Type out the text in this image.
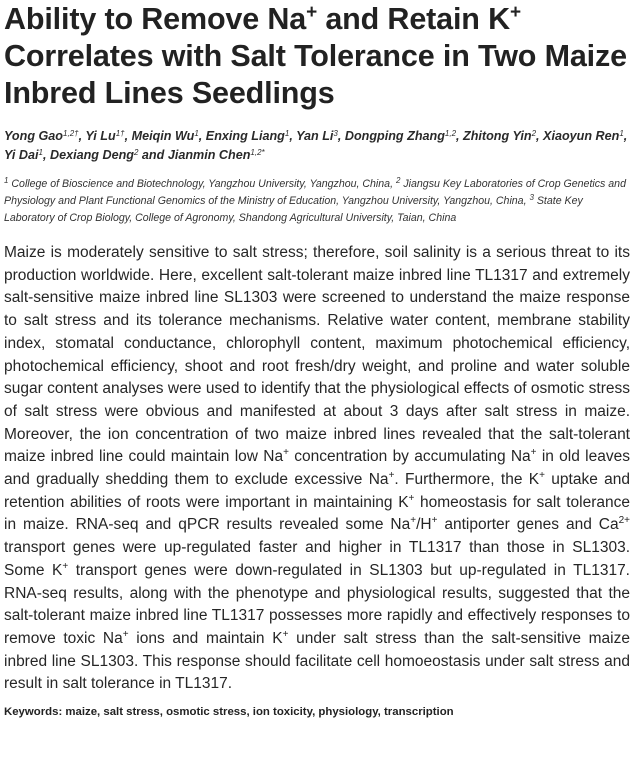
Ability to Remove Na+ and Retain K+ Correlates with Salt Tolerance in Two Maize Inbred Lines Seedlings
Yong Gao$^{1,2\dagger}$, Yi $Lu^{1\dagger}$, Meiqin Wu$^1$, Enxing Liang$^1$, Yan Li$^3$, Dongping Zhang$^{1,2}$, Zhitong Yin$^2$, Xiaoyun Ren$^1$, Yi Dai$^1$, Dexiang Deng$^2$ and Jianmin Chen$^{1,2*}$
$^1$ College of Bioscience and Biotechnology, Yangzhou University, Yangzhou, China, $^2$ Jiangsu Key Laboratories of Crop Genetics and Physiology and Plant Functional Genomics of the Ministry of Education, Yangzhou University, Yangzhou, China, $^3$ State Key Laboratory of Crop Biology, College of Agronomy, Shandong Agricultural University, Taian, China
Maize is moderately sensitive to salt stress; therefore, soil salinity is a serious threat to its production worldwide. Here, excellent salt-tolerant maize inbred line TL1317 and extremely salt-sensitive maize inbred line SL1303 were screened to understand the maize response to salt stress and its tolerance mechanisms. Relative water content, membrane stability index, stomatal conductance, chlorophyll content, maximum photochemical efficiency, photochemical efficiency, shoot and root fresh/dry weight, and proline and water soluble sugar content analyses were used to identify that the physiological effects of osmotic stress of salt stress were obvious and manifested at about 3 days after salt stress in maize. Moreover, the ion concentration of two maize inbred lines revealed that the salt-tolerant maize inbred line could maintain low Na+ concentration by accumulating Na+ in old leaves and gradually shedding them to exclude excessive Na+. Furthermore, the K+ uptake and retention abilities of roots were important in maintaining K+ homeostasis for salt tolerance in maize. RNA-seq and qPCR results revealed some Na+/H+ antiporter genes and $Ca^{2+}$ transport genes were up-regulated faster and higher in TL1317 than those in SL1303. Some K+ transport genes were down-regulated in SL1303 but up-regulated in TL1317. RNA-seq results, along with the phenotype and physiological results, suggested that the salt-tolerant maize inbred line TL1317 possesses more rapidly and effectively responses to remove toxic Na+ ions and maintain K+ under salt stress than the salt-sensitive maize inbred line SL1303. This response should facilitate cell homoeostasis under salt stress and result in salt tolerance in TL1317.
Keywords: maize, salt stress, osmotic stress, ion toxicity, physiology, transcription
